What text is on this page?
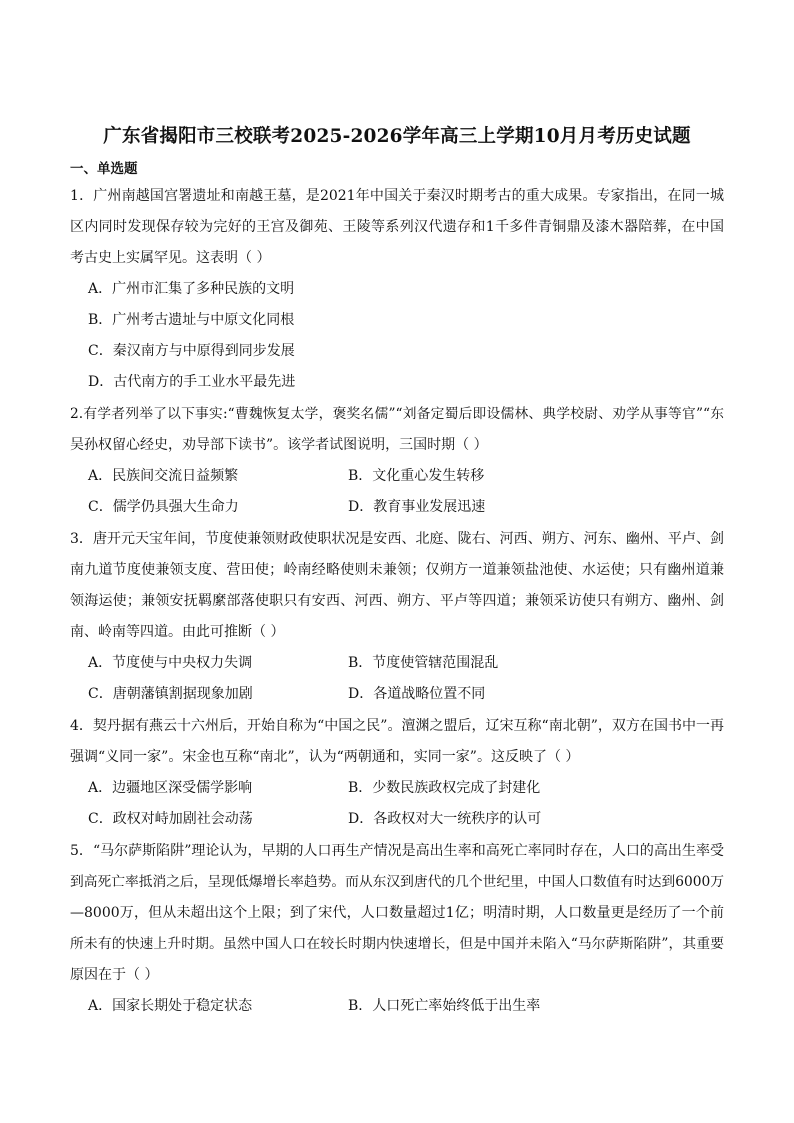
广东省揭阳市三校联考2025-2026学年高三上学期10月月考历史试题
一、单选题
1．广州南越国宫署遗址和南越王墓，是2021年中国关于秦汉时期考古的重大成果。专家指出，在同一城
区内同时发现保存较为完好的王宫及御苑、王陵等系列汉代遗存和1千多件青铜鼎及漆木器陪葬，在中国
考古史上实属罕见。这表明（ ）
A．广州市汇集了多种民族的文明
B．广州考古遗址与中原文化同根
C．秦汉南方与中原得到同步发展
D．古代南方的手工业水平最先进
2.有学者列举了以下事实:“曹魏恢复太学，褒奖名儒”“刘备定蜀后即设儒林、典学校尉、劝学从事等官”“东
吴孙权留心经史，劝导部下读书”。该学者试图说明，三国时期（ ）
A．民族间交流日益频繁	B．文化重心发生转移
C．儒学仍具强大生命力	D．教育事业发展迅速
3．唐开元天宝年间，节度使兼领财政使职状况是安西、北庭、陇右、河西、朔方、河东、幽州、平卢、剑
南九道节度使兼领支度、营田使；岭南经略使则未兼领；仅朔方一道兼领盐池使、水运使；只有幽州道兼
领海运使；兼领安抚羁縻部落使职只有安西、河西、朔方、平卢等四道；兼领采访使只有朔方、幽州、剑
南、岭南等四道。由此可推断（ ）
A．节度使与中央权力失调	B．节度使管辖范围混乱
C．唐朝藩镇割据现象加剧	D．各道战略位置不同
4．契丹据有燕云十六州后，开始自称为“中国之民”。澶渊之盟后，辽宋互称“南北朝”，双方在国书中一再
强调“义同一家”。宋金也互称“南北”，认为“两朝通和，实同一家”。这反映了（ ）
A．边疆地区深受儒学影响	B．少数民族政权完成了封建化
C．政权对峙加剧社会动荡	D．各政权对大一统秩序的认可
5．“马尔萨斯陷阱”理论认为，早期的人口再生产情况是高出生率和高死亡率同时存在，人口的高出生率受
到高死亡率抵消之后，呈现低爆增长率趋势。而从东汉到唐代的几个世纪里，中国人口数值有时达到6000万
—8000万，但从未超出这个上限；到了宋代，人口数量超过1亿；明清时期，人口数量更是经历了一个前
所未有的快速上升时期。虽然中国人口在较长时期内快速增长，但是中国并未陷入“马尔萨斯陷阱”，其重要
原因在于（ ）
A．国家长期处于稳定状态	B．人口死亡率始终低于出生率
